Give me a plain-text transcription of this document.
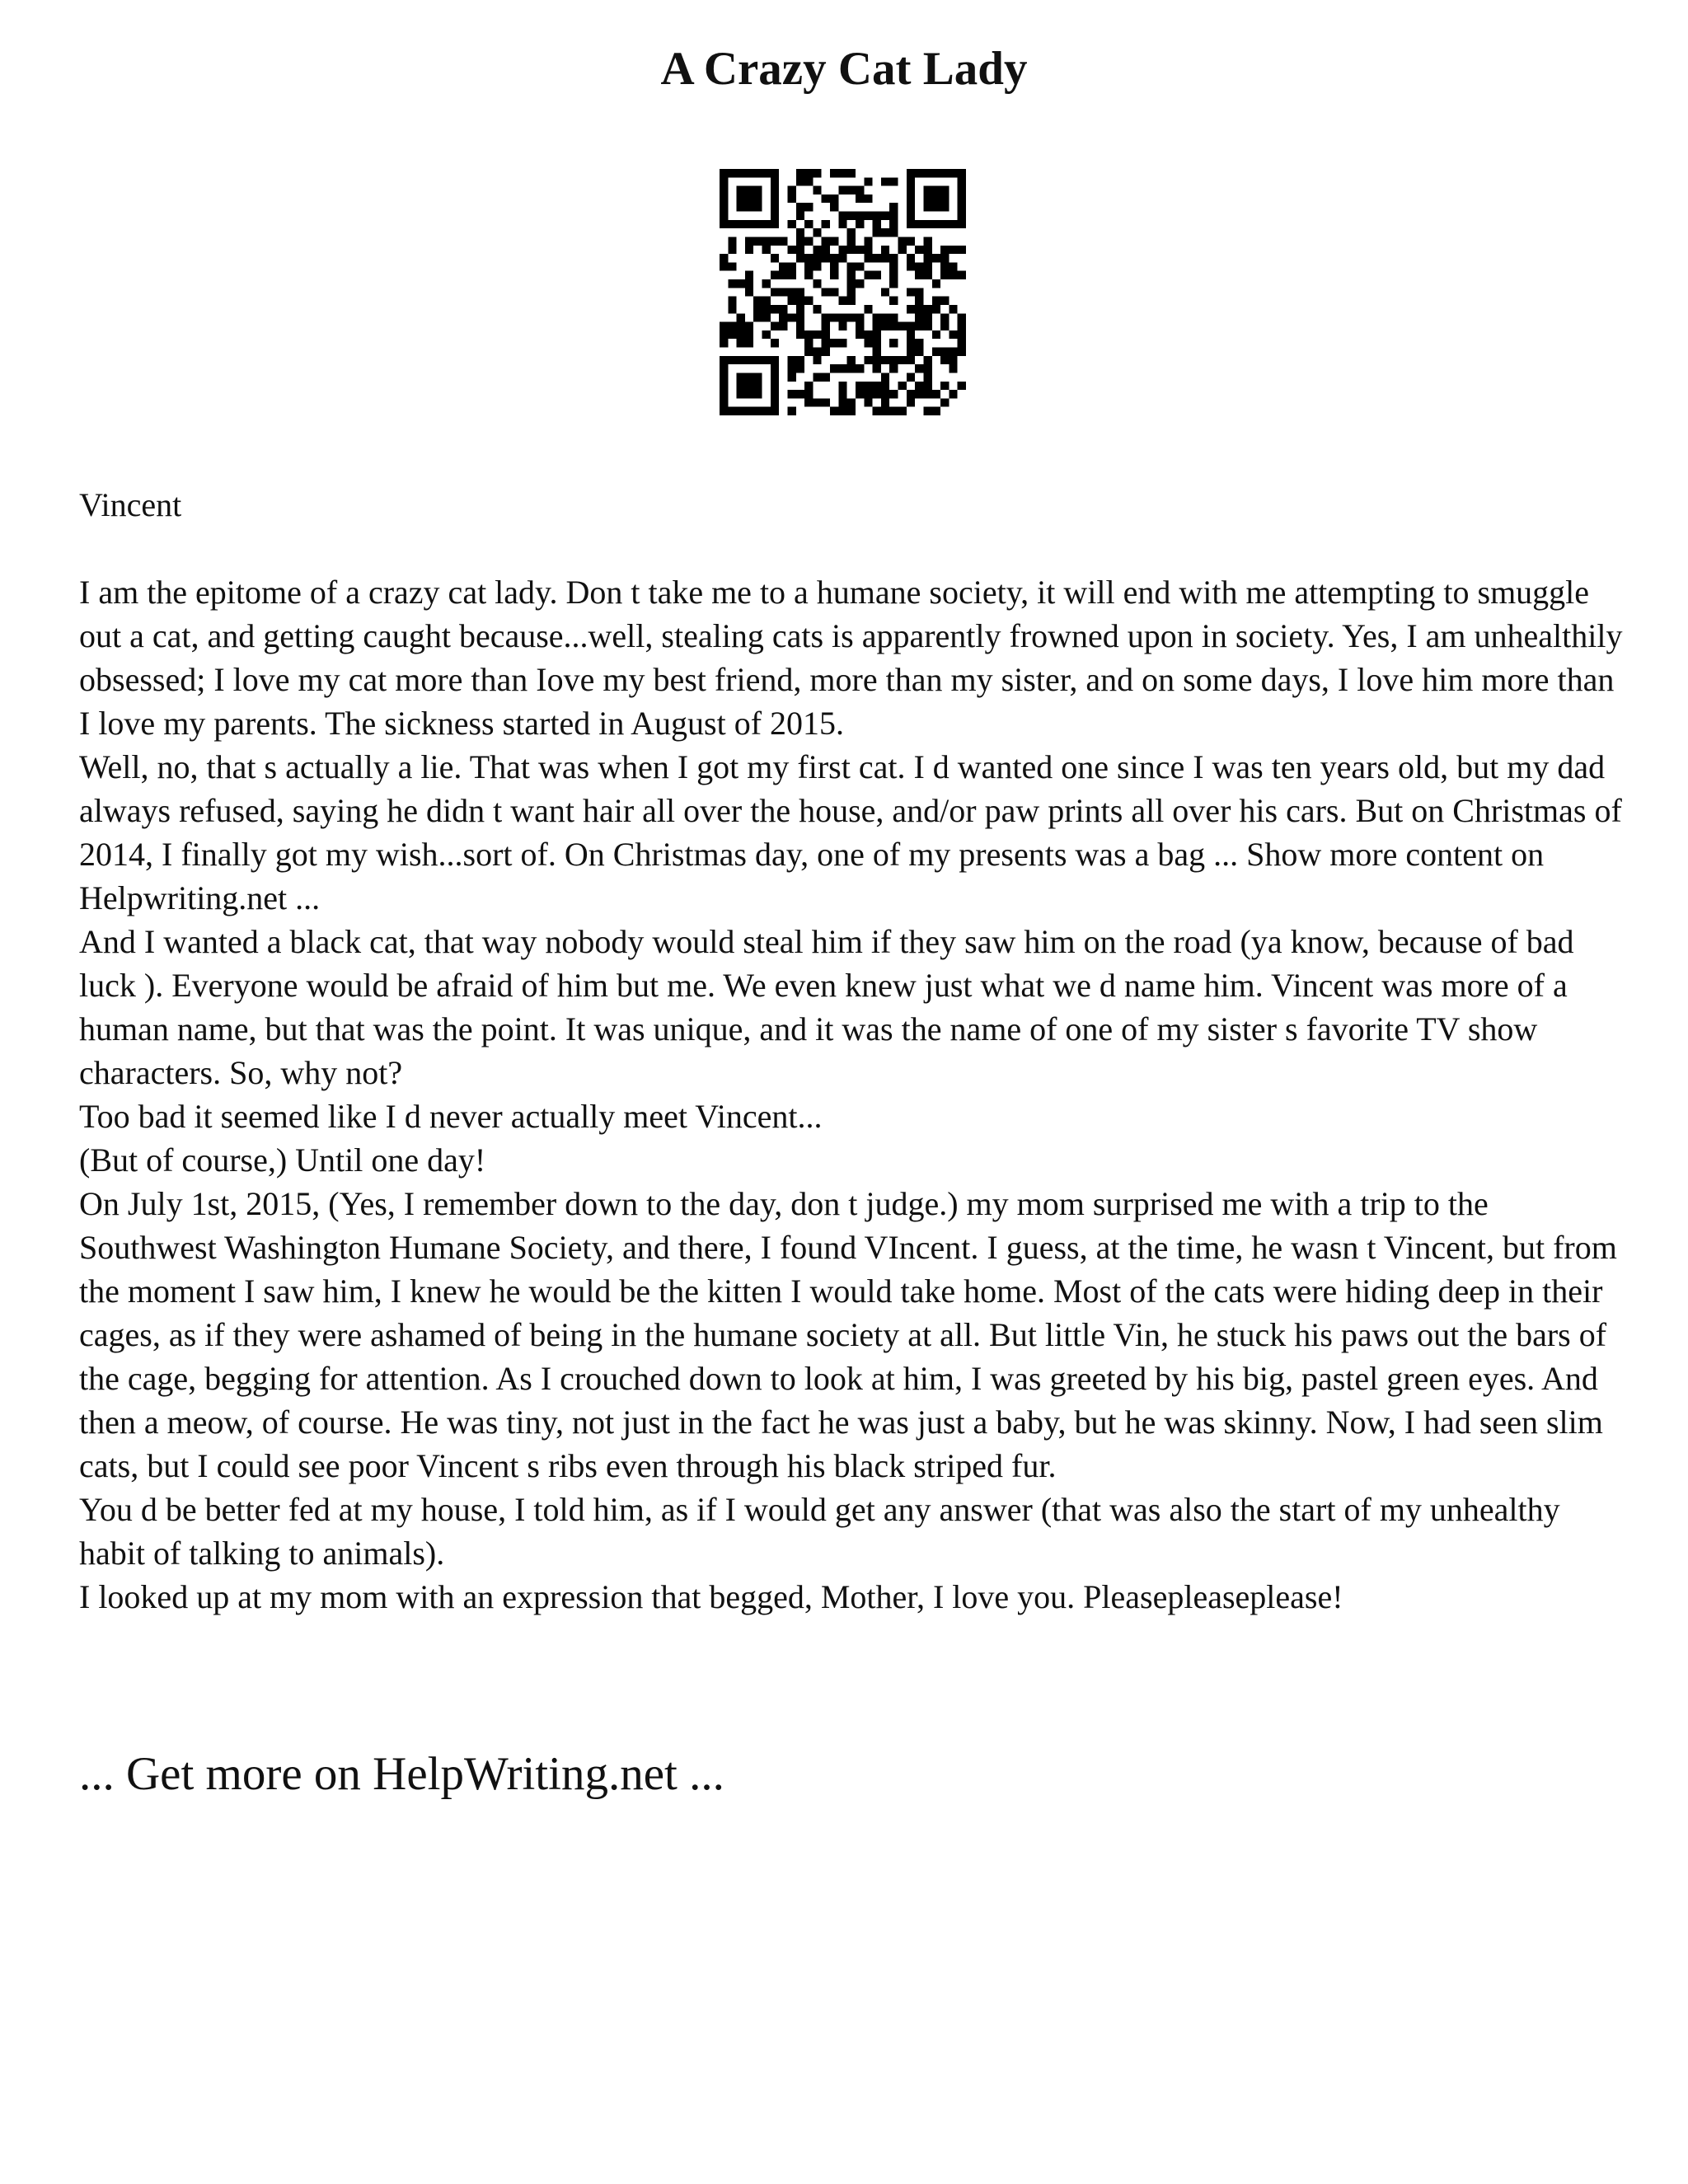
A Crazy Cat Lady

Vincent

I am the epitome of a crazy cat lady. Don t take me to a humane society, it will end with me attempting to smuggle out a cat, and getting caught because...well, stealing cats is apparently frowned upon in society. Yes, I am unhealthily obsessed; I love my cat more than Iove my best friend, more than my sister, and on some days, I love him more than I love my parents. The sickness started in August of 2015.

Well, no, that s actually a lie. That was when I got my first cat. I d wanted one since I was ten years old, but my dad always refused, saying he didn t want hair all over the house, and/or paw prints all over his cars. But on Christmas of 2014, I finally got my wish...sort of. On Christmas day, one of my presents was a bag ... Show more content on Helpwriting.net ...

And I wanted a black cat, that way nobody would steal him if they saw him on the road (ya know, because of bad luck ). Everyone would be afraid of him but me. We even knew just what we d name him. Vincent was more of a human name, but that was the point. It was unique, and it was the name of one of my sister s favorite TV show characters. So, why not?

Too bad it seemed like I d never actually meet Vincent...

(But of course,) Until one day!

On July 1st, 2015, (Yes, I remember down to the day, don t judge.) my mom surprised me with a trip to the Southwest Washington Humane Society, and there, I found VIncent. I guess, at the time, he wasn t Vincent, but from the moment I saw him, I knew he would be the kitten I would take home. Most of the cats were hiding deep in their cages, as if they were ashamed of being in the humane society at all. But little Vin, he stuck his paws out the bars of the cage, begging for attention. As I crouched down to look at him, I was greeted by his big, pastel green eyes. And then a meow, of course. He was tiny, not just in the fact he was just a baby, but he was skinny. Now, I had seen slim cats, but I could see poor Vincent s ribs even through his black striped fur.

You d be better fed at my house, I told him, as if I would get any answer (that was also the start of my unhealthy habit of talking to animals).

I looked up at my mom with an expression that begged, Mother, I love you. Pleasepleaseplease!

... Get more on HelpWriting.net ...
